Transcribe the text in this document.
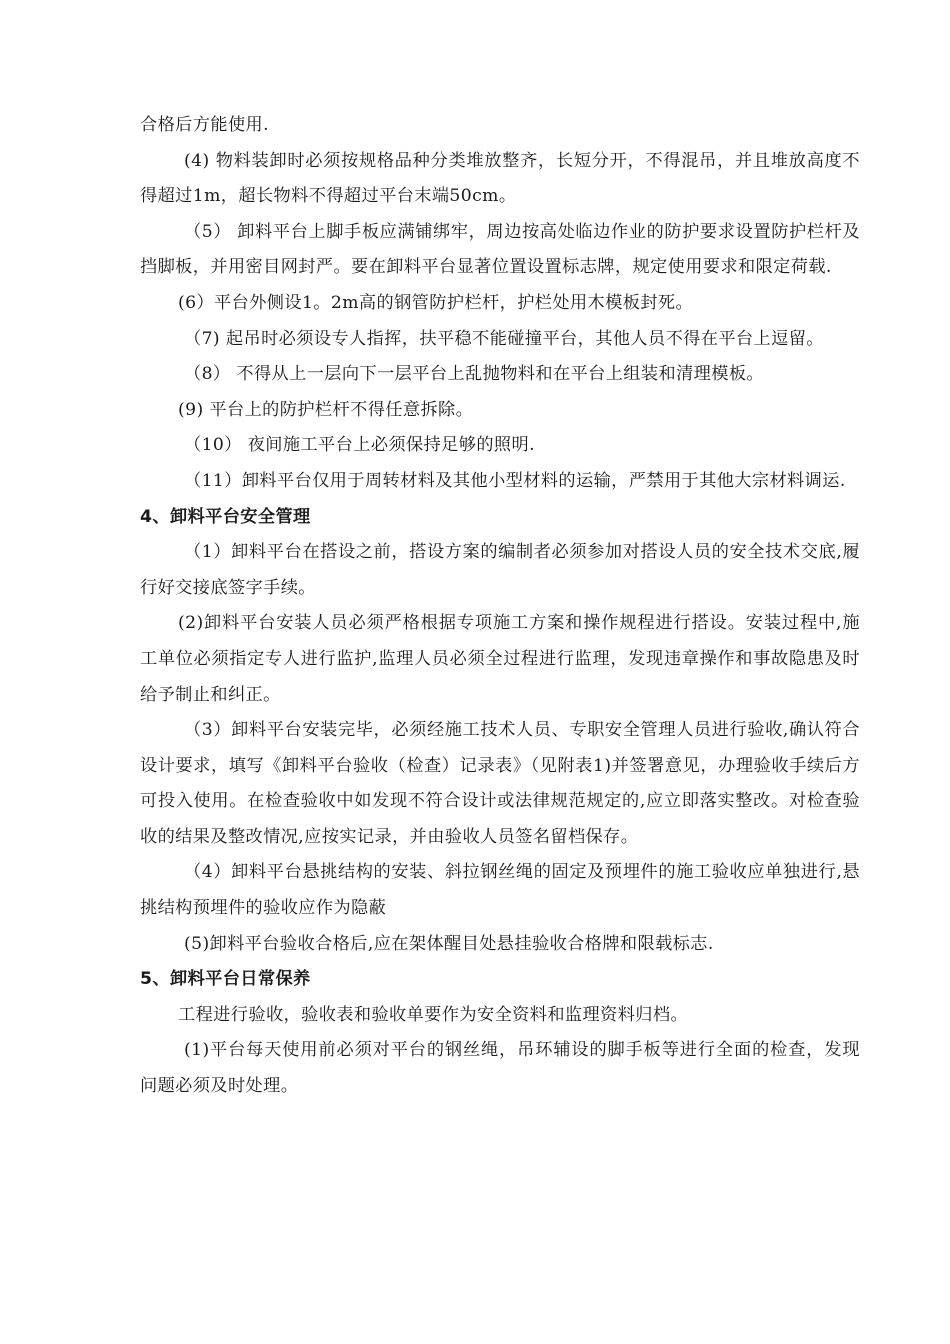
合格后方能使用.

(4) 物料装卸时必须按规格品种分类堆放整齐，长短分开，不得混吊，并且堆放高度不得超过1m，超长物料不得超过平台末端50cm。

（5） 卸料平台上脚手板应满铺绑牢，周边按高处临边作业的防护要求设置防护栏杆及挡脚板，并用密目网封严。要在卸料平台显著位置设置标志牌，规定使用要求和限定荷载.

(6）平台外侧设1。2m高的钢管防护栏杆，护栏处用木模板封死。

（7) 起吊时必须设专人指挥，扶平稳不能碰撞平台，其他人员不得在平台上逗留。

（8） 不得从上一层向下一层平台上乱抛物料和在平台上组装和清理模板。

(9) 平台上的防护栏杆不得任意拆除。

（10） 夜间施工平台上必须保持足够的照明.

（11）卸料平台仅用于周转材料及其他小型材料的运输，严禁用于其他大宗材料调运.

4、卸料平台安全管理

（1）卸料平台在搭设之前，搭设方案的编制者必须参加对搭设人员的安全技术交底,履行好交接底签字手续。

(2)卸料平台安装人员必须严格根据专项施工方案和操作规程进行搭设。安装过程中,施工单位必须指定专人进行监护,监理人员必须全过程进行监理，发现违章操作和事故隐患及时给予制止和纠正。

（3）卸料平台安装完毕，必须经施工技术人员、专职安全管理人员进行验收,确认符合设计要求，填写《卸料平台验收（检查）记录表》（见附表1)并签署意见，办理验收手续后方可投入使用。在检查验收中如发现不符合设计或法律规范规定的,应立即落实整改。对检查验收的结果及整改情况,应按实记录，并由验收人员签名留档保存。

（4）卸料平台悬挑结构的安装、斜拉钢丝绳的固定及预埋件的施工验收应单独进行,悬挑结构预埋件的验收应作为隐蔽

(5)卸料平台验收合格后,应在架体醒目处悬挂验收合格牌和限载标志.

5、卸料平台日常保养

工程进行验收，验收表和验收单要作为安全资料和监理资料归档。

(1)平台每天使用前必须对平台的钢丝绳，吊环辅设的脚手板等进行全面的检查，发现问题必须及时处理。
